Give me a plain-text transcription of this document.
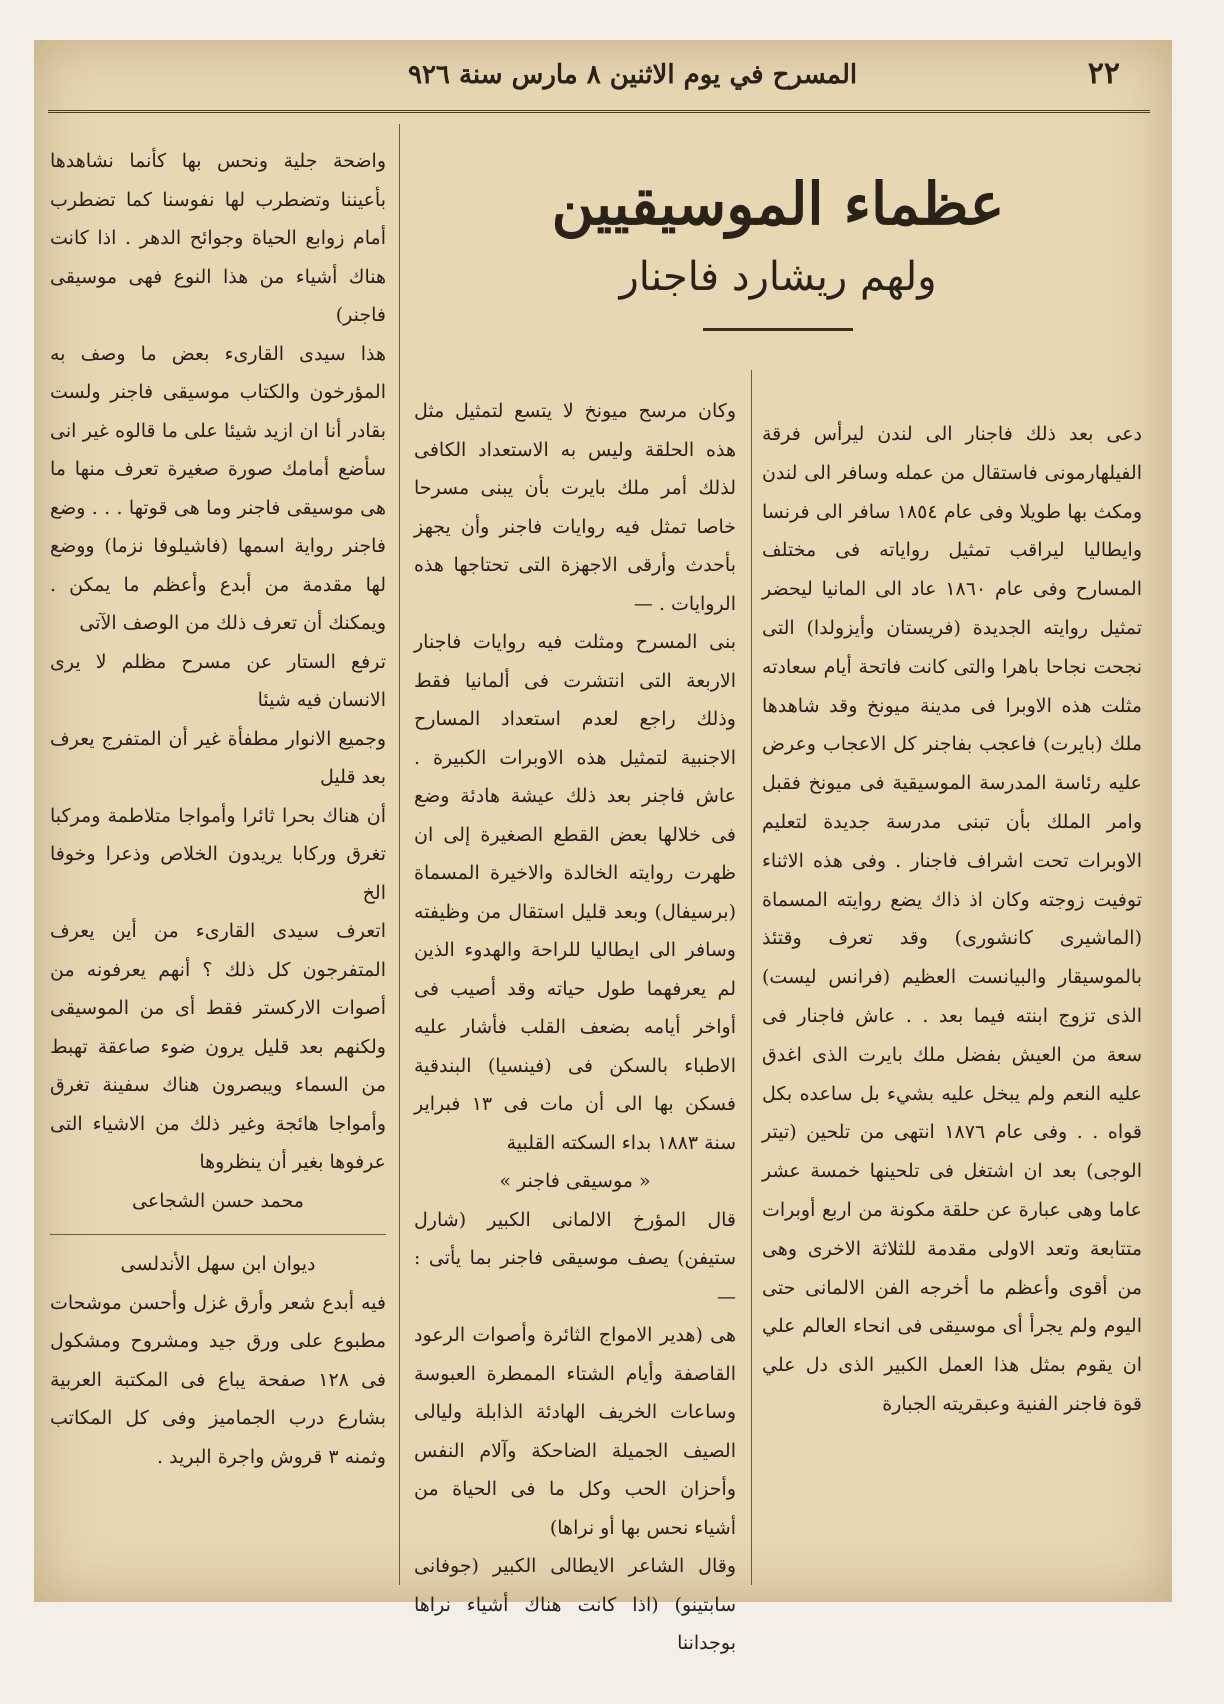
٢٢
المسرح في يوم الاثنين ٨ مارس سنة ٩٢٦
عظماء الموسيقيين
ولهم ريشارد فاجنار

دعى بعد ذلك فاجنار الى لندن ليرأس فرقة الفيلهارمونى فاستقال من عمله وسافر الى لندن ومكث بها طويلا وفى عام ١٨٥٤ سافر الى فرنسا وايطاليا ليراقب تمثيل رواياته فى مختلف المسارح وفى عام ١٨٦٠ عاد الى المانيا ليحضر تمثيل روايته الجديدة (فريستان وأيزولدا) التى نجحت نجاحا باهرا والتى كانت فاتحة أيام سعادته مثلت هذه الاوبرا فى مدينة ميونخ وقد شاهدها ملك (بايرت) فاعجب بفاجنر كل الاعجاب وعرض عليه رئاسة المدرسة الموسيقية فى ميونخ فقبل وامر الملك بأن تبنى مدرسة جديدة لتعليم الاوبرات تحت اشراف فاجنار . وفى هذه الاثناء توفيت زوجته وكان اذ ذاك يضع روايته المسماة (الماشيرى كانشورى) وقد تعرف وقتئذ بالموسيقار والبيانست العظيم (فرانس ليست) الذى تزوج ابنته فيما بعد . . عاش فاجنار فى سعة من العيش بفضل ملك بايرت الذى اغدق عليه النعم ولم يبخل عليه بشيء بل ساعده بكل قواه . . وفى عام ١٨٧٦ انتهى من تلحين (تيتر الوجى) بعد ان اشتغل فى تلحينها خمسة عشر عاما وهى عبارة عن حلقة مكونة من اربع أوبرات متتابعة وتعد الاولى مقدمة للثلاثة الاخرى وهى من أقوى وأعظم ما أخرجه الفن الالمانى حتى اليوم ولم يجرأ أى موسيقى فى انحاء العالم علي ان يقوم بمثل هذا العمل الكبير الذى دل علي قوة فاجنر الفنية وعبقريته الجبارة

وكان مرسح ميونخ لا يتسع لتمثيل مثل هذه الحلقة وليس به الاستعداد الكافى لذلك أمر ملك بايرت بأن يبنى مسرحا خاصا تمثل فيه روايات فاجنر وأن يجهز بأحدث وأرقى الاجهزة التى تحتاجها هذه الروايات . —

بنى المسرح ومثلت فيه روايات فاجنار الاربعة التى انتشرت فى ألمانيا فقط وذلك راجع لعدم استعداد المسارح الاجنبية لتمثيل هذه الاوبرات الكبيرة . عاش فاجنر بعد ذلك عيشة هادئة وضع فى خلالها بعض القطع الصغيرة إلى ان ظهرت روايته الخالدة والاخيرة المسماة (برسيفال) وبعد قليل استقال من وظيفته وسافر الى ايطاليا للراحة والهدوء الذين لم يعرفهما طول حياته وقد أصيب فى أواخر أيامه بضعف القلب فأشار عليه الاطباء بالسكن فى (فينسيا) البندقية فسكن بها الى أن مات فى ١٣ فبراير سنة ١٨٨٣ بداء السكته القلبية

« موسيقى فاجنر »

قال المؤرخ الالمانى الكبير (شارل ستيفن) يصف موسيقى فاجنر بما يأتى :—

هى (هدير الامواج الثائرة وأصوات الرعود القاصفة وأيام الشتاء الممطرة العبوسة وساعات الخريف الهادئة الذابلة وليالى الصيف الجميلة الضاحكة وآلام النفس وأحزان الحب وكل ما فى الحياة من أشياء نحس بها أو نراها)

وقال الشاعر الايطالى الكبير (جوفانى سابتينو) (اذا كانت هناك أشياء نراها بوجداننا

واضحة جلية ونحس بها كأنما نشاهدها بأعيننا وتضطرب لها نفوسنا كما تضطرب أمام زوابع الحياة وجوائح الدهر . اذا كانت هناك أشياء من هذا النوع فهى موسيقى فاجنر)

هذا سيدى القارىء بعض ما وصف به المؤرخون والكتاب موسيقى فاجنر ولست بقادر أنا ان ازيد شيئا على ما قالوه غير انى سأضع أمامك صورة صغيرة تعرف منها ما هى موسيقى فاجنر وما هى قوتها . . . وضع فاجنر رواية اسمها (فاشيلوفا نزما) ووضع لها مقدمة من أبدع وأعظم ما يمكن . ويمكنك أن تعرف ذلك من الوصف الآتى

ترفع الستار عن مسرح مظلم لا يرى الانسان فيه شيئا

وجميع الانوار مطفأة غير أن المتفرج يعرف بعد قليل

أن هناك بحرا ثائرا وأمواجا متلاطمة ومركبا تغرق وركابا يريدون الخلاص وذعرا وخوفا الخ

اتعرف سيدى القارىء من أين يعرف المتفرجون كل ذلك ؟ أنهم يعرفونه من أصوات الاركستر فقط أى من الموسيقى ولكنهم بعد قليل يرون ضوء صاعقة تهبط من السماء ويبصرون هناك سفينة تغرق وأمواجا هائجة وغير ذلك من الاشياء التى عرفوها بغير أن ينظروها

محمد حسن الشجاعى

ديوان ابن سهل الأندلسى

فيه أبدع شعر وأرق غزل وأحسن موشحات مطبوع على ورق جيد ومشروح ومشكول فى ١٢٨ صفحة يباع فى المكتبة العربية بشارع درب الجماميز وفى كل المكاتب وثمنه ٣ قروش واجرة البريد .
